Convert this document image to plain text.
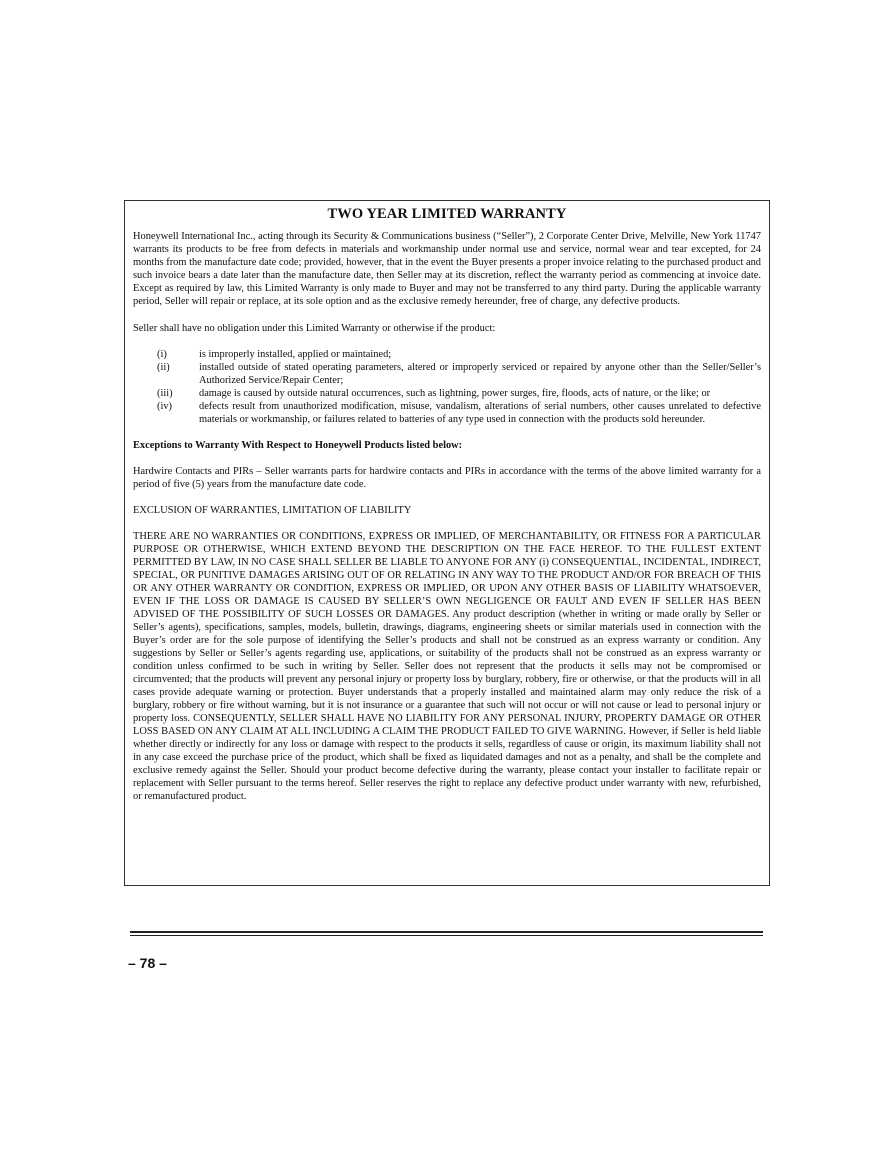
TWO YEAR LIMITED WARRANTY

Honeywell International Inc., acting through its Security & Communications business (“Seller”), 2 Corporate Center Drive, Melville, New York 11747 warrants its products to be free from defects in materials and workmanship under normal use and service, normal wear and tear excepted, for 24 months from the manufacture date code; provided, however, that in the event the Buyer presents a proper invoice relating to the purchased product and such invoice bears a date later than the manufacture date, then Seller may at its discretion, reflect the warranty period as commencing at invoice date. Except as required by law, this Limited Warranty is only made to Buyer and may not be transferred to any third party. During the applicable warranty period, Seller will repair or replace, at its sole option and as the exclusive remedy hereunder, free of charge, any defective products.

Seller shall have no obligation under this Limited Warranty or otherwise if the product:

(i)	is improperly installed, applied or maintained;
(ii)	installed outside of stated operating parameters, altered or improperly serviced or repaired by anyone other than the Seller/Seller’s Authorized Service/Repair Center;
(iii)	damage is caused by outside natural occurrences, such as lightning, power surges, fire, floods, acts of nature, or the like; or
(iv)	defects result from unauthorized modification, misuse, vandalism, alterations of serial numbers, other causes unrelated to defective materials or workmanship, or failures related to batteries of any type used in connection with the products sold hereunder.

Exceptions to Warranty With Respect to Honeywell Products listed below:

Hardwire Contacts and PIRs – Seller warrants parts for hardwire contacts and PIRs in accordance with the terms of the above limited warranty for a period of five (5) years from the manufacture date code.

EXCLUSION OF WARRANTIES, LIMITATION OF LIABILITY

THERE ARE NO WARRANTIES OR CONDITIONS, EXPRESS OR IMPLIED, OF MERCHANTABILITY, OR FITNESS FOR A PARTICULAR PURPOSE OR OTHERWISE, WHICH EXTEND BEYOND THE DESCRIPTION ON THE FACE HEREOF. TO THE FULLEST EXTENT PERMITTED BY LAW, IN NO CASE SHALL SELLER BE LIABLE TO ANYONE FOR ANY (i) CONSEQUENTIAL, INCIDENTAL, INDIRECT, SPECIAL, OR PUNITIVE DAMAGES ARISING OUT OF OR RELATING IN ANY WAY TO THE PRODUCT AND/OR FOR BREACH OF THIS OR ANY OTHER WARRANTY OR CONDITION, EXPRESS OR IMPLIED, OR UPON ANY OTHER BASIS OF LIABILITY WHATSOEVER, EVEN IF THE LOSS OR DAMAGE IS CAUSED BY SELLER’S OWN NEGLIGENCE OR FAULT AND EVEN IF SELLER HAS BEEN ADVISED OF THE POSSIBILITY OF SUCH LOSSES OR DAMAGES. Any product description (whether in writing or made orally by Seller or Seller’s agents), specifications, samples, models, bulletin, drawings, diagrams, engineering sheets or similar materials used in connection with the Buyer’s order are for the sole purpose of identifying the Seller’s products and shall not be construed as an express warranty or condition. Any suggestions by Seller or Seller’s agents regarding use, applications, or suitability of the products shall not be construed as an express warranty or condition unless confirmed to be such in writing by Seller. Seller does not represent that the products it sells may not be compromised or circumvented; that the products will prevent any personal injury or property loss by burglary, robbery, fire or otherwise, or that the products will in all cases provide adequate warning or protection. Buyer understands that a properly installed and maintained alarm may only reduce the risk of a burglary, robbery or fire without warning, but it is not insurance or a guarantee that such will not occur or will not cause or lead to personal injury or property loss. CONSEQUENTLY, SELLER SHALL HAVE NO LIABILITY FOR ANY PERSONAL INJURY, PROPERTY DAMAGE OR OTHER LOSS BASED ON ANY CLAIM AT ALL INCLUDING A CLAIM THE PRODUCT FAILED TO GIVE WARNING. However, if Seller is held liable whether directly or indirectly for any loss or damage with respect to the products it sells, regardless of cause or origin, its maximum liability shall not in any case exceed the purchase price of the product, which shall be fixed as liquidated damages and not as a penalty, and shall be the complete and exclusive remedy against the Seller. Should your product become defective during the warranty, please contact your installer to facilitate repair or replacement with Seller pursuant to the terms hereof. Seller reserves the right to replace any defective product under warranty with new, refurbished, or remanufactured product.

– 78 –
